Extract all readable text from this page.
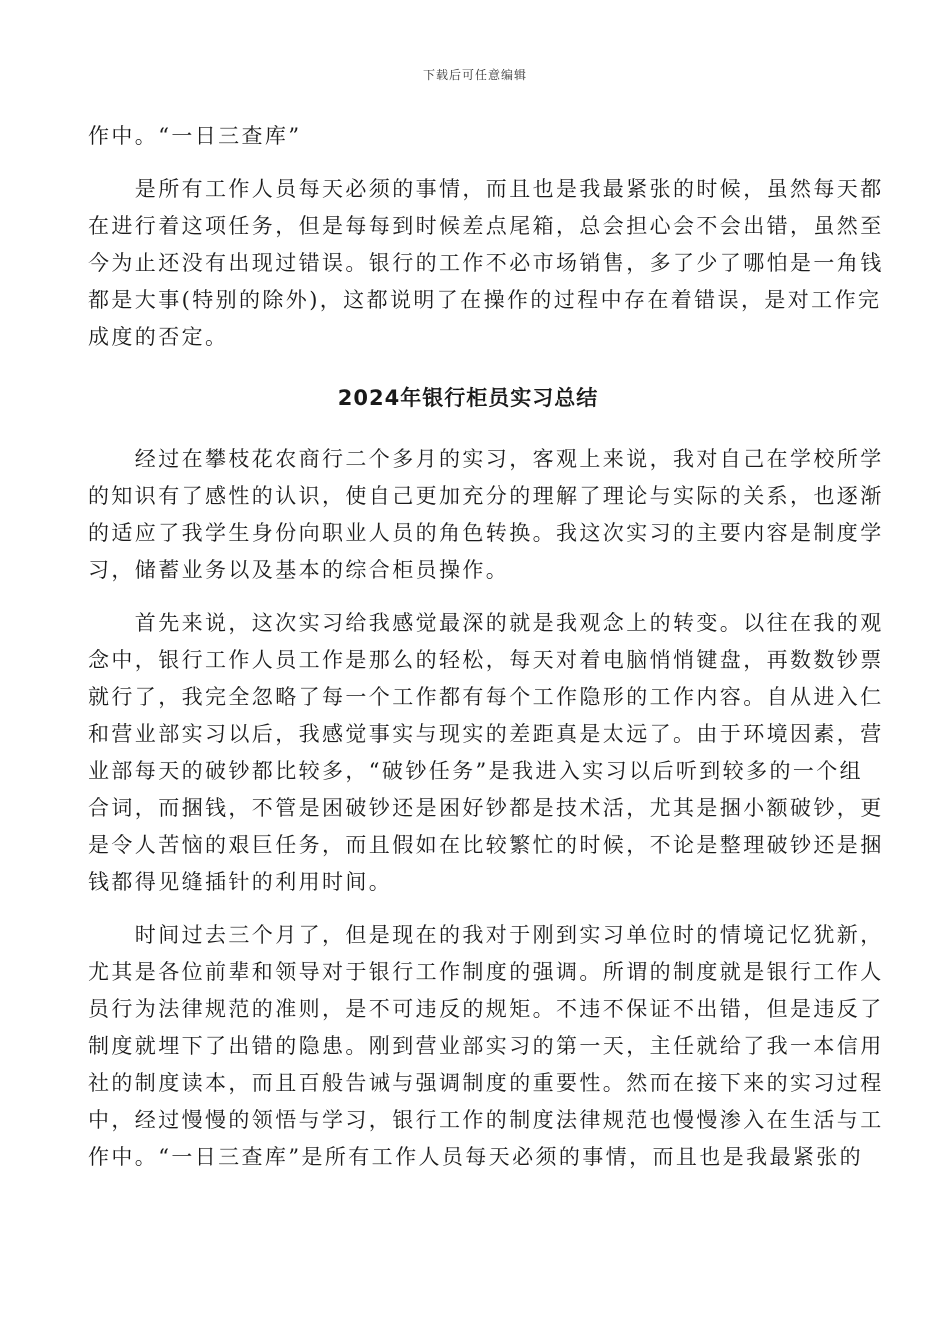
下载后可任意编辑
作中。“一日三查库”
　　是所有工作人员每天必须的事情，而且也是我最紧张的时候，虽然每天都
在进行着这项任务，但是每每到时候差点尾箱，总会担心会不会出错，虽然至
今为止还没有出现过错误。银行的工作不必市场销售，多了少了哪怕是一角钱
都是大事(特别的除外)，这都说明了在操作的过程中存在着错误，是对工作完
成度的否定。
2024年银行柜员实习总结
　　经过在攀枝花农商行二个多月的实习，客观上来说，我对自己在学校所学
的知识有了感性的认识，使自己更加充分的理解了理论与实际的关系，也逐渐
的适应了我学生身份向职业人员的角色转换。我这次实习的主要内容是制度学
习，储蓄业务以及基本的综合柜员操作。
　　首先来说，这次实习给我感觉最深的就是我观念上的转变。以往在我的观
念中，银行工作人员工作是那么的轻松，每天对着电脑悄悄键盘，再数数钞票
就行了，我完全忽略了每一个工作都有每个工作隐形的工作内容。自从进入仁
和营业部实习以后，我感觉事实与现实的差距真是太远了。由于环境因素，营
业部每天的破钞都比较多，“破钞任务”是我进入实习以后听到较多的一个组
合词，而捆钱，不管是困破钞还是困好钞都是技术活，尤其是捆小额破钞，更
是令人苦恼的艰巨任务，而且假如在比较繁忙的时候，不论是整理破钞还是捆
钱都得见缝插针的利用时间。
　　时间过去三个月了，但是现在的我对于刚到实习单位时的情境记忆犹新，
尤其是各位前辈和领导对于银行工作制度的强调。所谓的制度就是银行工作人
员行为法律规范的准则，是不可违反的规矩。不违不保证不出错，但是违反了
制度就埋下了出错的隐患。刚到营业部实习的第一天，主任就给了我一本信用
社的制度读本，而且百般告诫与强调制度的重要性。然而在接下来的实习过程
中，经过慢慢的领悟与学习，银行工作的制度法律规范也慢慢渗入在生活与工
作中。“一日三查库”是所有工作人员每天必须的事情，而且也是我最紧张的
